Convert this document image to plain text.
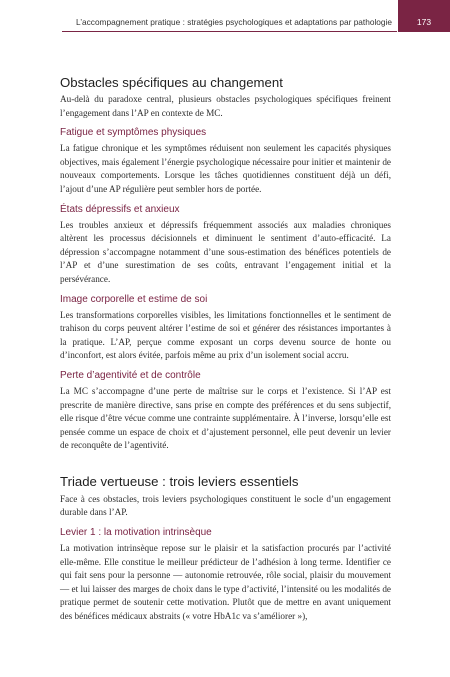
L’accompagnement pratique : stratégies psychologiques et adaptations par pathologie	173
Obstacles spécifiques au changement

Au-delà du paradoxe central, plusieurs obstacles psychologiques spécifiques freinent l’engagement dans l’AP en contexte de MC.

Fatigue et symptômes physiques

La fatigue chronique et les symptômes réduisent non seulement les capacités physiques objectives, mais également l’énergie psychologique nécessaire pour initier et maintenir de nouveaux comportements. Lorsque les tâches quotidiennes constituent déjà un défi, l’ajout d’une AP régulière peut sembler hors de portée.

États dépressifs et anxieux

Les troubles anxieux et dépressifs fréquemment associés aux maladies chroniques altèrent les processus décisionnels et diminuent le sentiment d’auto-efficacité. La dépression s’accompagne notamment d’une sous-estimation des bénéfices potentiels de l’AP et d’une surestimation de ses coûts, entravant l’engagement initial et la persévérance.

Image corporelle et estime de soi

Les transformations corporelles visibles, les limitations fonctionnelles et le sentiment de trahison du corps peuvent altérer l’estime de soi et générer des résistances importantes à la pratique. L’AP, perçue comme exposant un corps devenu source de honte ou d’inconfort, est alors évitée, parfois même au prix d’un isolement social accru.

Perte d’agentivité et de contrôle

La MC s’accompagne d’une perte de maîtrise sur le corps et l’existence. Si l’AP est prescrite de manière directive, sans prise en compte des préférences et du sens subjectif, elle risque d’être vécue comme une contrainte supplémentaire. À l’inverse, lorsqu’elle est pensée comme un espace de choix et d’ajustement personnel, elle peut devenir un levier de reconquête de l’agentivité.

Triade vertueuse : trois leviers essentiels

Face à ces obstacles, trois leviers psychologiques constituent le socle d’un engagement durable dans l’AP.

Levier 1 : la motivation intrinsèque

La motivation intrinsèque repose sur le plaisir et la satisfaction procurés par l’activité elle-même. Elle constitue le meilleur prédicteur de l’adhésion à long terme. Identifier ce qui fait sens pour la personne — autonomie retrouvée, rôle social, plaisir du mouvement — et lui laisser des marges de choix dans le type d’activité, l’intensité ou les modalités de pratique permet de soutenir cette motivation. Plutôt que de mettre en avant uniquement des bénéfices médicaux abstraits (« votre HbA1c va s’améliorer »),
